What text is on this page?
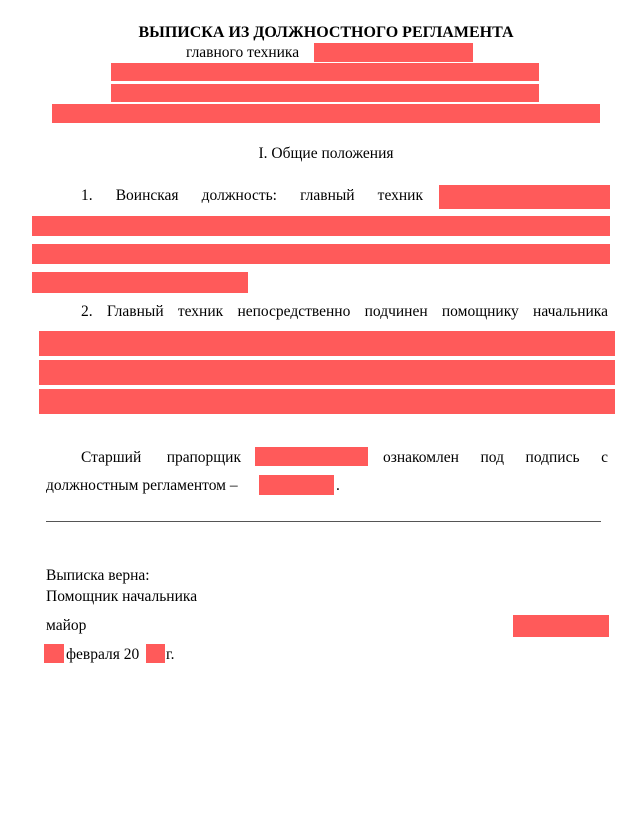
ВЫПИСКА ИЗ ДОЛЖНОСТНОГО РЕГЛАМЕНТА
главного техника
I. Общие положения
1. Воинская должность: главный техник
2. Главный техник непосредственно подчинен помощнику начальника
Старший прапорщик	ознакомлен под подпись с
должностным регламентом –	.
Выписка верна:
Помощник начальника
майор
февраля 20 г.
